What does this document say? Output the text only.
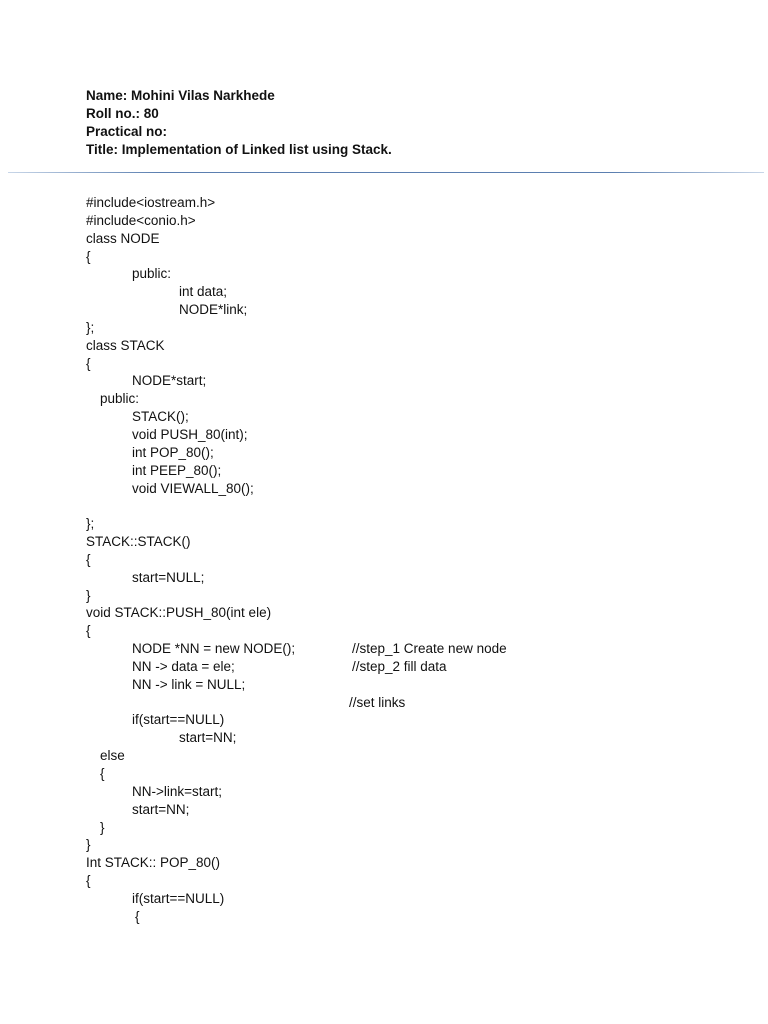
Name: Mohini Vilas Narkhede
Roll no.: 80
Practical no:
Title: Implementation of Linked list using Stack.
#include<iostream.h>
#include<conio.h>
class NODE
{
public:
int data;
NODE*link;
};
class STACK
{
NODE*start;
public:
STACK();
void PUSH_80(int);
int POP_80();
int PEEP_80();
void VIEWALL_80();
};
STACK::STACK()
{
start=NULL;
}
void STACK::PUSH_80(int ele)
{
NODE *NN = new NODE();	//step_1 Create new node
NN -> data = ele;	//step_2 fill data
NN -> link = NULL;
//set links
if(start==NULL)
start=NN;
else
{
NN->link=start;
start=NN;
}
}
Int STACK:: POP_80()
{
if(start==NULL)
{
